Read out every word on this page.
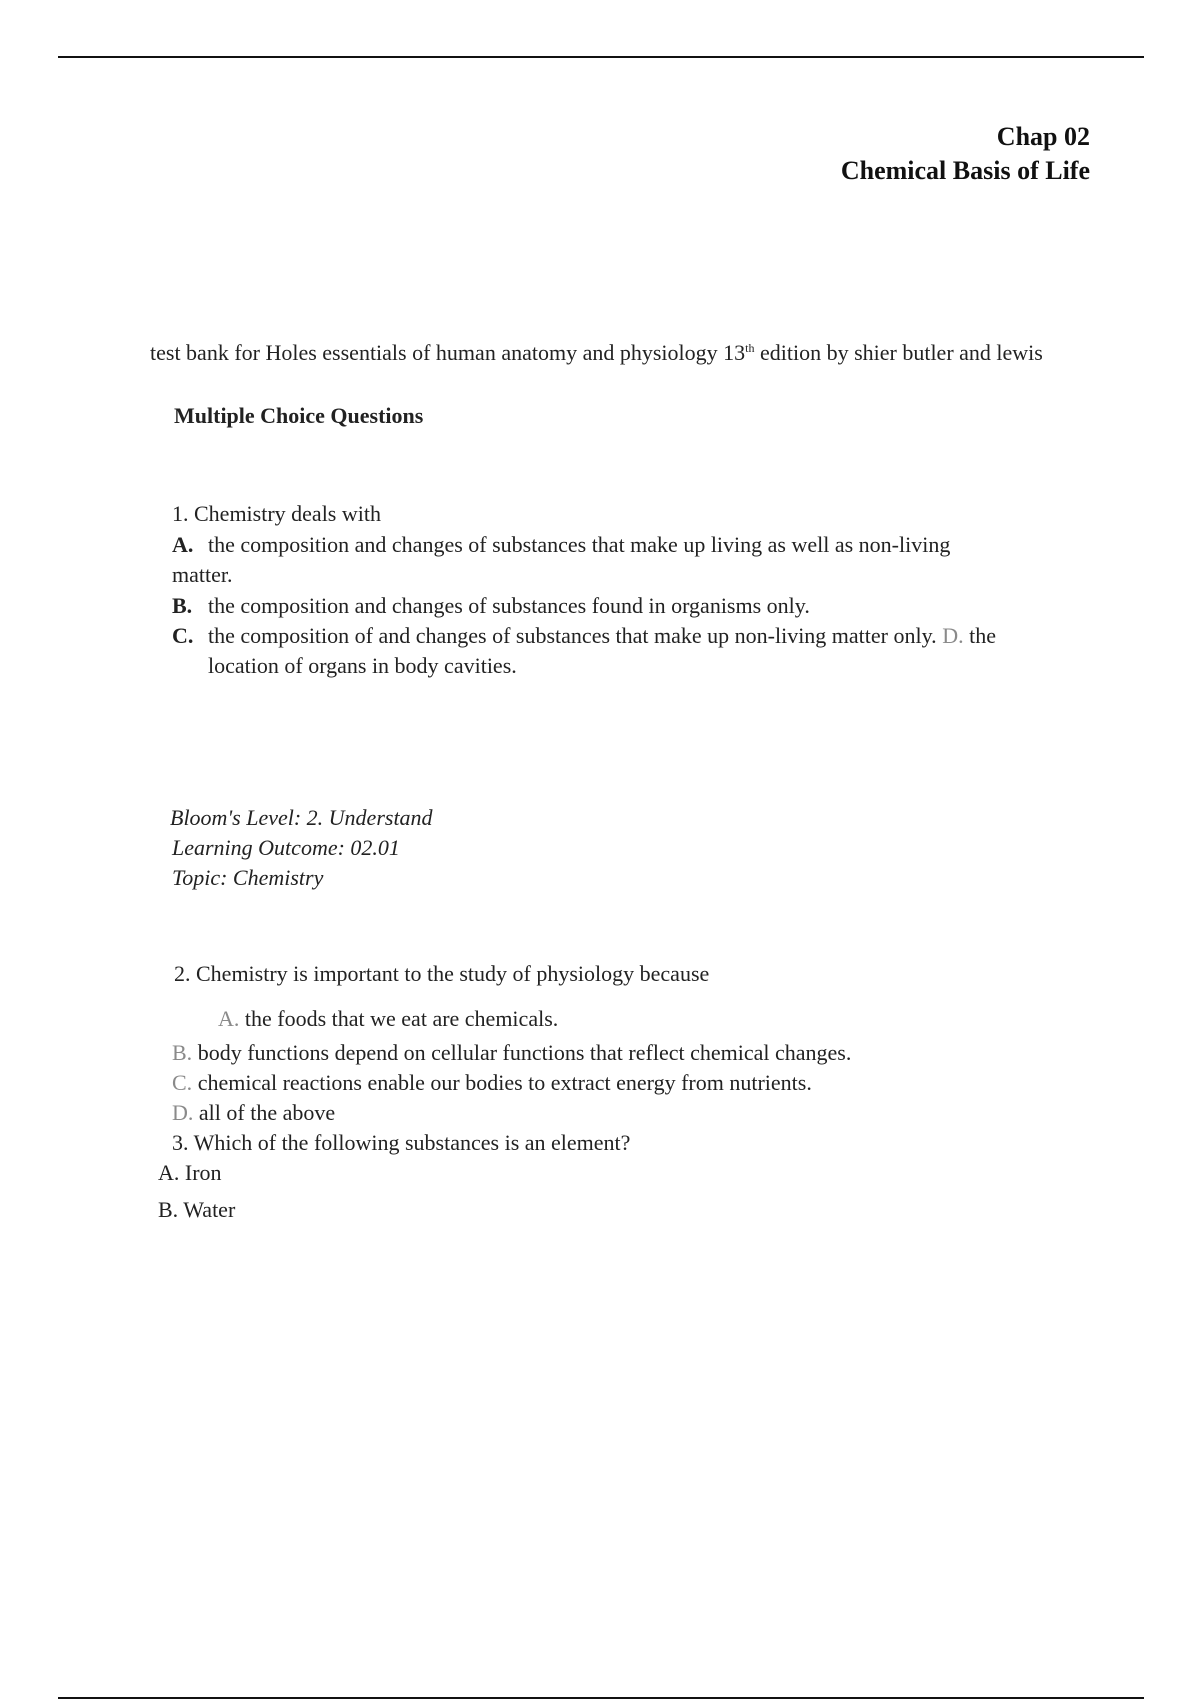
Chap 02
Chemical Basis of Life
test bank for Holes essentials of human anatomy and physiology 13th edition by shier butler and lewis
Multiple Choice Questions
1. Chemistry deals with
A. the composition and changes of substances that make up living as well as non-living
matter.
B. the composition and changes of substances found in organisms only.
C. the composition of and changes of substances that make up non-living matter only. D. the
location of organs in body cavities.
Bloom's Level: 2. Understand
Learning Outcome: 02.01
Topic: Chemistry
2. Chemistry is important to the study of physiology because
A. the foods that we eat are chemicals.
B. body functions depend on cellular functions that reflect chemical changes.
C. chemical reactions enable our bodies to extract energy from nutrients.
D. all of the above
3. Which of the following substances is an element?
A. Iron
B. Water
